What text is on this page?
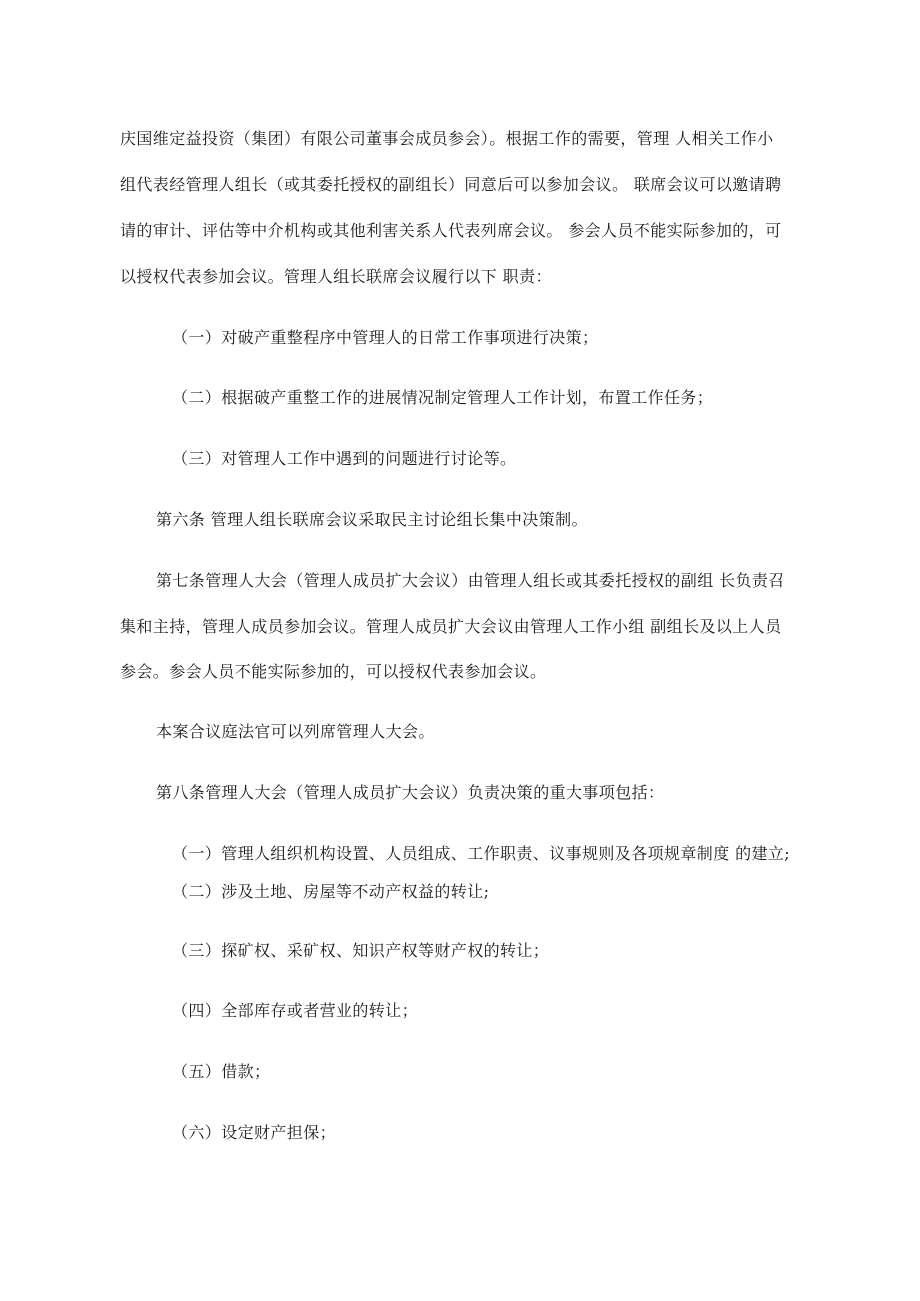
庆国维定益投资（集团）有限公司董事会成员参会）。根据工作的需要，管理 人相关工作小

组代表经管理人组长（或其委托授权的副组长）同意后可以参加会议。 联席会议可以邀请聘

请的审计、评估等中介机构或其他利害关系人代表列席会议。 参会人员不能实际参加的，可

以授权代表参加会议。管理人组长联席会议履行以下 职责：

（一）对破产重整程序中管理人的日常工作事项进行决策；

（二）根据破产重整工作的进展情况制定管理人工作计划，布置工作任务；

（三）对管理人工作中遇到的问题进行讨论等。

第六条 管理人组长联席会议采取民主讨论组长集中决策制。

第七条管理人大会（管理人成员扩大会议）由管理人组长或其委托授权的副组 长负责召

集和主持，管理人成员参加会议。管理人成员扩大会议由管理人工作小组 副组长及以上人员

参会。参会人员不能实际参加的，可以授权代表参加会议。

本案合议庭法官可以列席管理人大会。

第八条管理人大会（管理人成员扩大会议）负责决策的重大事项包括：

（一）管理人组织机构设置、人员组成、工作职责、议事规则及各项规章制度 的建立;

（二）涉及土地、房屋等不动产权益的转让;

（三）探矿权、采矿权、知识产权等财产权的转让；

（四）全部库存或者营业的转让；

（五）借款；

（六）设定财产担保；
